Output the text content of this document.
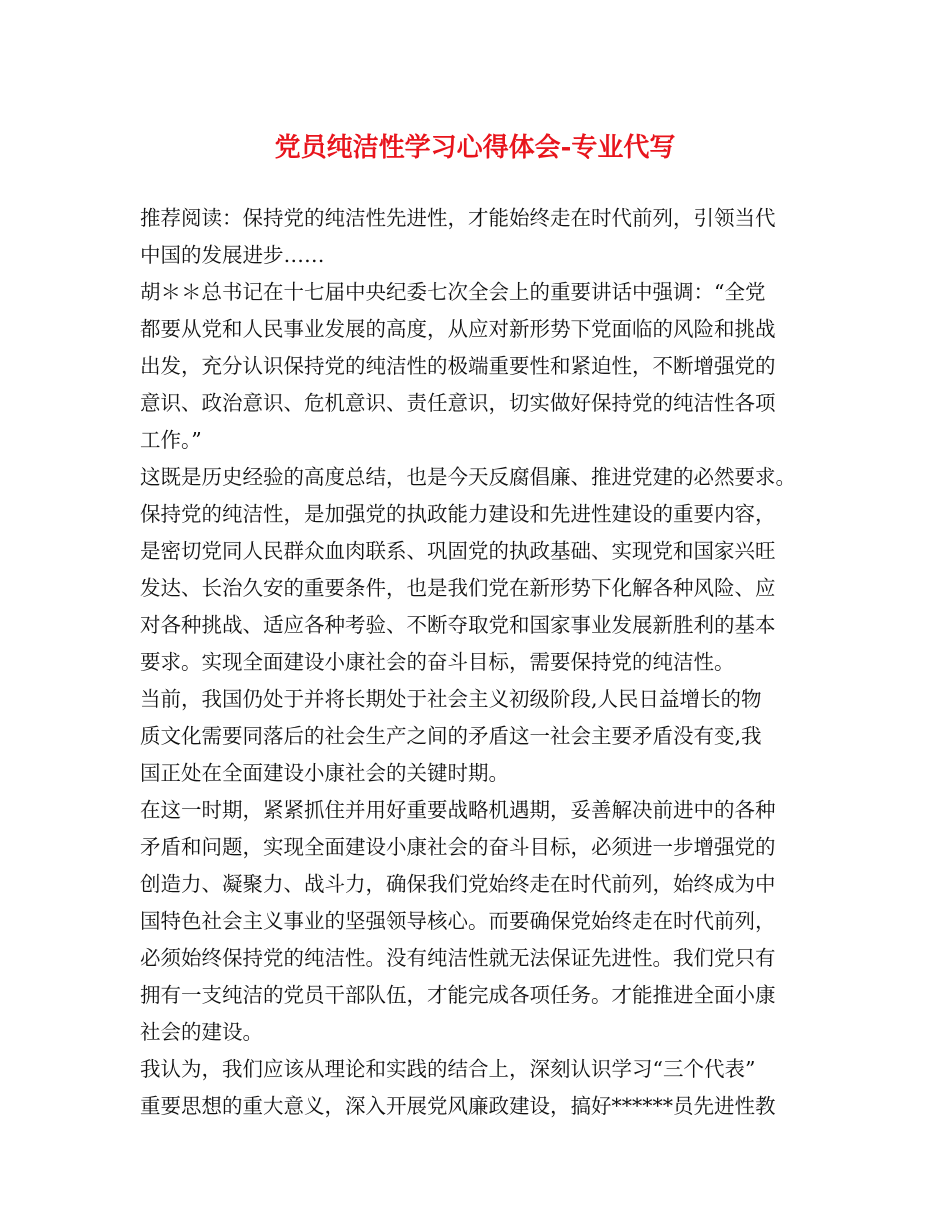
党员纯洁性学习心得体会-专业代写
推荐阅读：保持党的纯洁性先进性，才能始终走在时代前列，引领当代
中国的发展进步……
胡＊＊总书记在十七届中央纪委七次全会上的重要讲话中强调：“全党
都要从党和人民事业发展的高度，从应对新形势下党面临的风险和挑战
出发，充分认识保持党的纯洁性的极端重要性和紧迫性，不断增强党的
意识、政治意识、危机意识、责任意识，切实做好保持党的纯洁性各项
工作。”
这既是历史经验的高度总结，也是今天反腐倡廉、推进党建的必然要求。
保持党的纯洁性，是加强党的执政能力建设和先进性建设的重要内容，
是密切党同人民群众血肉联系、巩固党的执政基础、实现党和国家兴旺
发达、长治久安的重要条件，也是我们党在新形势下化解各种风险、应
对各种挑战、适应各种考验、不断夺取党和国家事业发展新胜利的基本
要求。实现全面建设小康社会的奋斗目标，需要保持党的纯洁性。
当前，我国仍处于并将长期处于社会主义初级阶段,人民日益增长的物
质文化需要同落后的社会生产之间的矛盾这一社会主要矛盾没有变,我
国正处在全面建设小康社会的关键时期。
在这一时期，紧紧抓住并用好重要战略机遇期，妥善解决前进中的各种
矛盾和问题，实现全面建设小康社会的奋斗目标，必须进一步增强党的
创造力、凝聚力、战斗力，确保我们党始终走在时代前列，始终成为中
国特色社会主义事业的坚强领导核心。而要确保党始终走在时代前列，
必须始终保持党的纯洁性。没有纯洁性就无法保证先进性。我们党只有
拥有一支纯洁的党员干部队伍，才能完成各项任务。才能推进全面小康
社会的建设。
我认为，我们应该从理论和实践的结合上，深刻认识学习“三个代表”
重要思想的重大意义，深入开展党风廉政建设，搞好******员先进性教
